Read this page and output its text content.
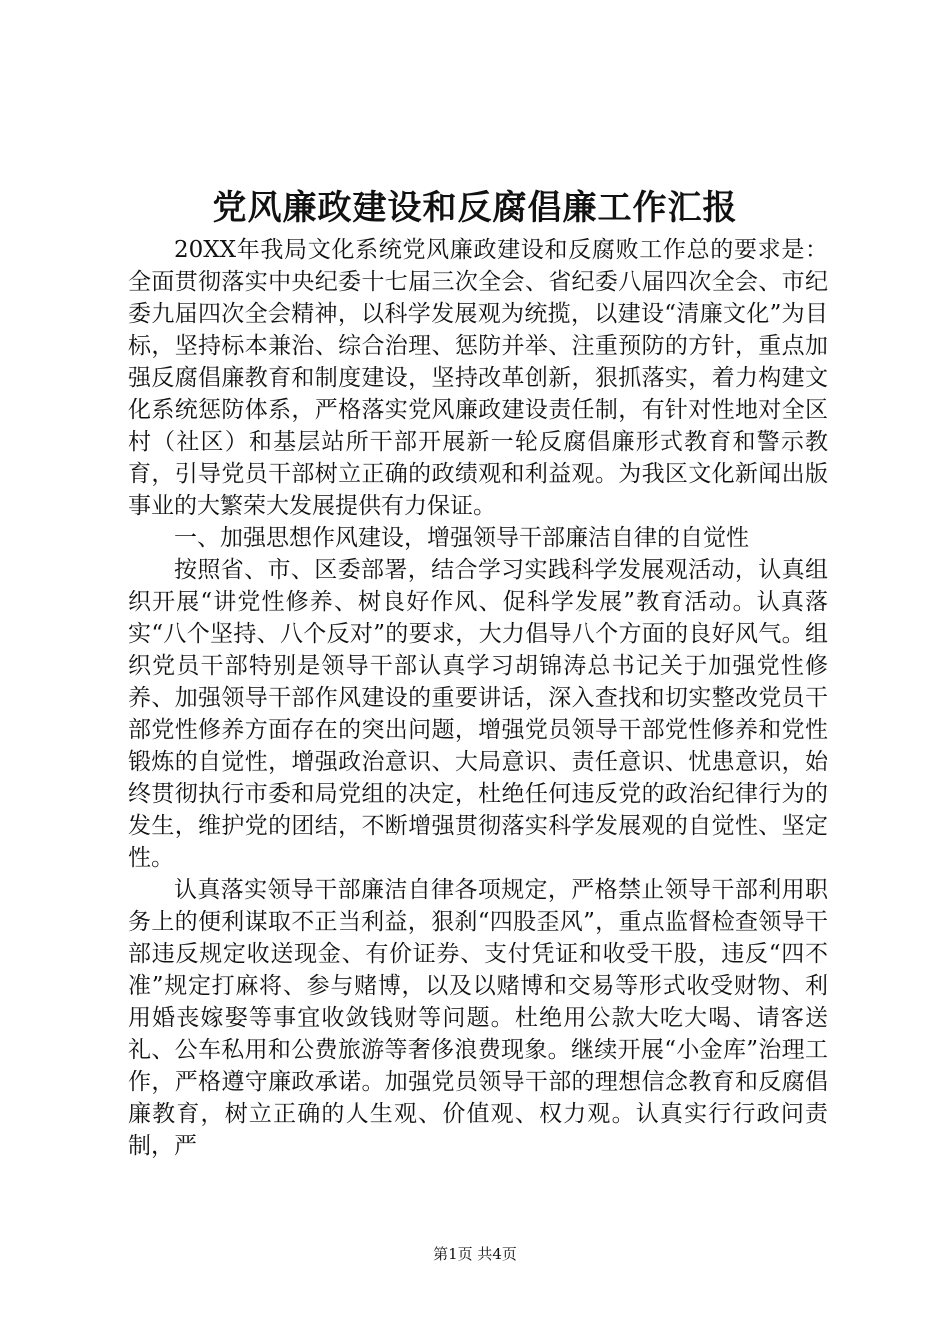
党风廉政建设和反腐倡廉工作汇报

20XX年我局文化系统党风廉政建设和反腐败工作总的要求是：全面贯彻落实中央纪委十七届三次全会、省纪委八届四次全会、市纪委九届四次全会精神，以科学发展观为统揽，以建设“清廉文化”为目标，坚持标本兼治、综合治理、惩防并举、注重预防的方针，重点加强反腐倡廉教育和制度建设，坚持改革创新，狠抓落实，着力构建文化系统惩防体系，严格落实党风廉政建设责任制，有针对性地对全区村（社区）和基层站所干部开展新一轮反腐倡廉形式教育和警示教育，引导党员干部树立正确的政绩观和利益观。为我区文化新闻出版事业的大繁荣大发展提供有力保证。

一、加强思想作风建设，增强领导干部廉洁自律的自觉性

按照省、市、区委部署，结合学习实践科学发展观活动，认真组织开展“讲党性修养、树良好作风、促科学发展”教育活动。认真落实“八个坚持、八个反对”的要求，大力倡导八个方面的良好风气。组织党员干部特别是领导干部认真学习胡锦涛总书记关于加强党性修养、加强领导干部作风建设的重要讲话，深入查找和切实整改党员干部党性修养方面存在的突出问题，增强党员领导干部党性修养和党性锻炼的自觉性，增强政治意识、大局意识、责任意识、忧患意识，始终贯彻执行市委和局党组的决定，杜绝任何违反党的政治纪律行为的发生，维护党的团结，不断增强贯彻落实科学发展观的自觉性、坚定性。

认真落实领导干部廉洁自律各项规定，严格禁止领导干部利用职务上的便利谋取不正当利益，狠刹“四股歪风”，重点监督检查领导干部违反规定收送现金、有价证券、支付凭证和收受干股，违反“四不准”规定打麻将、参与赌博，以及以赌博和交易等形式收受财物、利用婚丧嫁娶等事宜收敛钱财等问题。杜绝用公款大吃大喝、请客送礼、公车私用和公费旅游等奢侈浪费现象。继续开展“小金库”治理工作，严格遵守廉政承诺。加强党员领导干部的理想信念教育和反腐倡廉教育，树立正确的人生观、价值观、权力观。认真实行行政问责制，严

第1页 共4页
